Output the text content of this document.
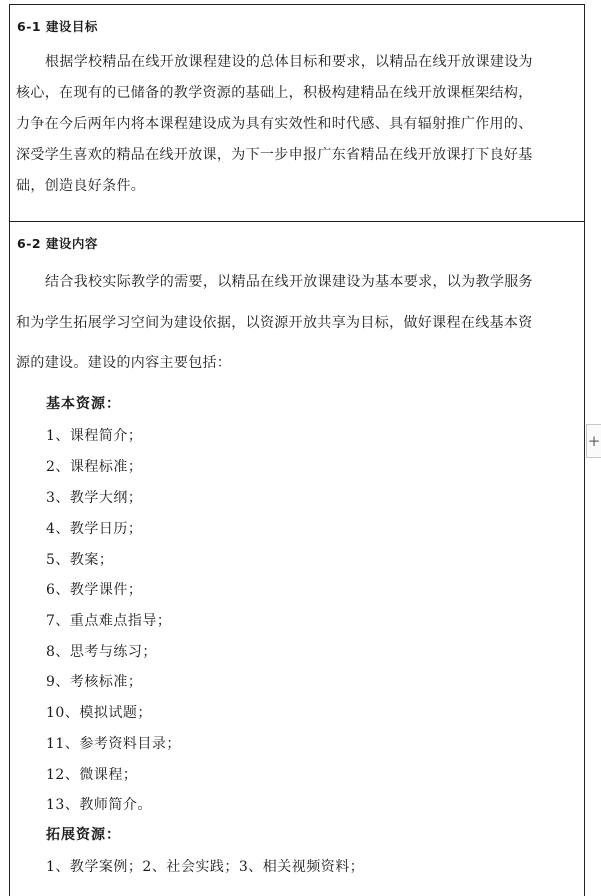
6-1 建设目标
根据学校精品在线开放课程建设的总体目标和要求，以精品在线开放课建设为
核心，在现有的已储备的教学资源的基础上，积极构建精品在线开放课框架结构，
力争在今后两年内将本课程建设成为具有实效性和时代感、具有辐射推广作用的、
深受学生喜欢的精品在线开放课，为下一步申报广东省精品在线开放课打下良好基
础，创造良好条件。
6-2 建设内容
结合我校实际教学的需要，以精品在线开放课建设为基本要求，以为教学服务
和为学生拓展学习空间为建设依据，以资源开放共享为目标，做好课程在线基本资
源的建设。建设的内容主要包括：
基本资源：
1、课程简介；
2、课程标准；
3、教学大纲；
4、教学日历；
5、教案；
6、教学课件；
7、重点难点指导；
8、思考与练习；
9、考核标准；
10、模拟试题；
11、参考资料目录；
12、微课程；
13、教师简介。
拓展资源：
1、教学案例；2、社会实践；3、相关视频资料；
+
